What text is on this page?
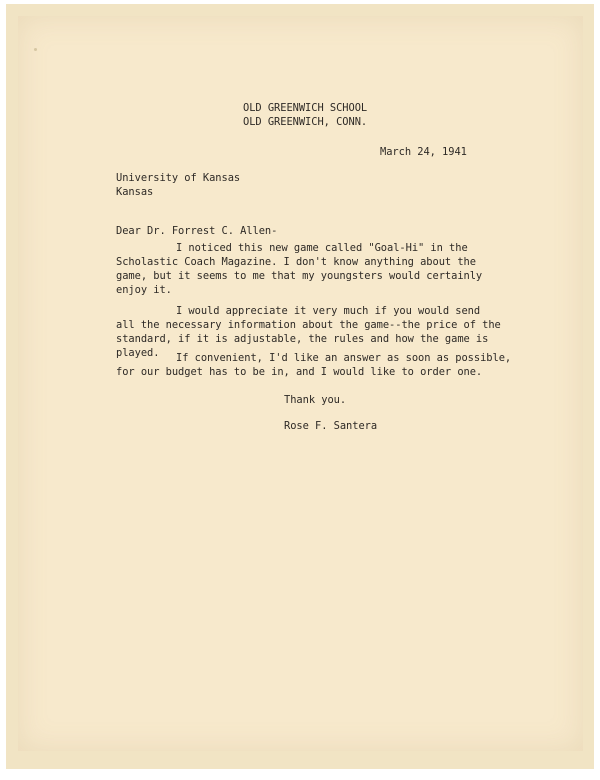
OLD GREENWICH SCHOOL

OLD GREENWICH, CONN.

March 24, 1941

University of Kansas

Kansas

Dear Dr. Forrest C. Allen-

I noticed this new game called "Goal-Hi" in the

Scholastic Coach Magazine. I don't know anything about the

game, but it seems to me that my youngsters would certainly

enjoy it.

I would appreciate it very much if you would send

all the necessary information about the game--the price of the

standard, if it is adjustable, the rules and how the game is

played. If convenient, I'd like an answer as soon as possible,

for our budget has to be in, and I would like to order one.

Thank you.

Rose F. Santera
